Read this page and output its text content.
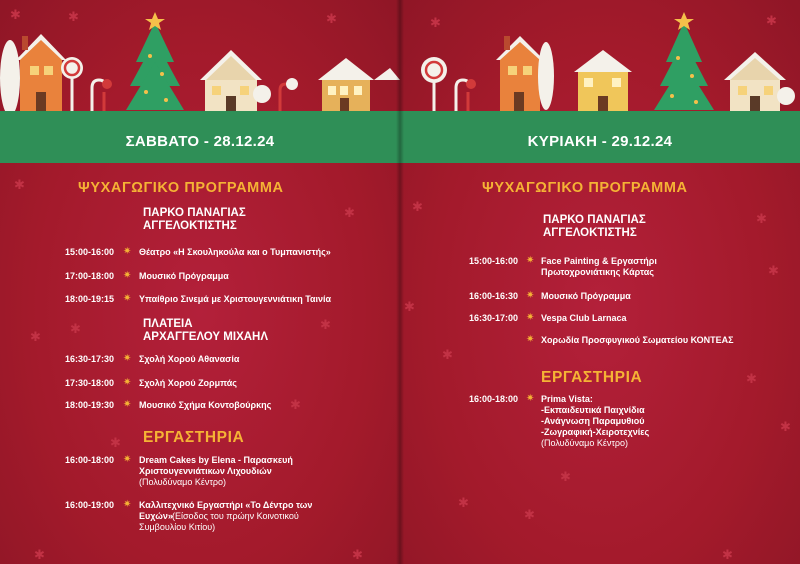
✱
✱
✱
✱
✱
✱
✱	✱
✱
✱	✱	✱
ΣΑΒΒΑΤΟ - 28.12.24
ΨΥΧΑΓΩΓΙΚΟ ΠΡΟΓΡΑΜΜΑ
ΠΑΡΚΟ ΠΑΝΑΓΙΑΣ
ΑΓΓΕΛΟΚΤΙΣΤΗΣ
15:00-16:00 ✷ Θέατρο «Η Σκουληκούλα και ο Τυμπανιστής»
17:00-18:00 ✷ Μουσικό Πρόγραμμα
18:00-19:15 ✷ Υπαίθριο Σινεμά με Χριστουγεννιάτικη Ταινία
ΠΛΑΤΕΙΑ
ΑΡΧΑΓΓΕΛΟΥ ΜΙΧΑΗΛ
16:30-17:30 ✷ Σχολή Χορού Αθανασία
17:30-18:00 ✷ Σχολή Χορού Ζορμπάς
18:00-19:30 ✷ Μουσικό Σχήμα Κοντοβούρκης
ΕΡΓΑΣΤΗΡΙΑ
16:00-18:00 ✷ Dream Cakes by Elena - Παρασκευή
Χριστουγεννιάτικων Λιχουδιών
(Πολυδύναμο Κέντρο)
16:00-19:00 ✷ Καλλιτεχνικό Εργαστήρι «Το Δέντρο των
Ευχών» (Είσοδος του πρώην Κοινοτικού
Συμβουλίου Κιτίου)
✱
✱
✱
✱
✱
✱
✱
✱
✱
✱
✱
✱	✱
ΚΥΡΙΑΚΗ - 29.12.24
ΨΥΧΑΓΩΓΙΚΟ ΠΡΟΓΡΑΜΜΑ
ΠΑΡΚΟ ΠΑΝΑΓΙΑΣ
ΑΓΓΕΛΟΚΤΙΣΤΗΣ
15:00-16:00 ✷ Face Painting & Εργαστήρι
Πρωτοχρονιάτικης Κάρτας
16:00-16:30 ✷ Μουσικό Πρόγραμμα
16:30-17:00 ✷ Vespa Club Larnaca
✷ Χορωδία Προσφυγικού Σωματείου ΚΟΝΤΕΑΣ
ΕΡΓΑΣΤΗΡΙΑ
16:00-18:00 ✷ Prima Vista:
-Εκπαιδευτικά Παιχνίδια
-Ανάγνωση Παραμυθιού
-Ζωγραφική-Χειροτεχνίες
(Πολυδύναμο Κέντρο)
